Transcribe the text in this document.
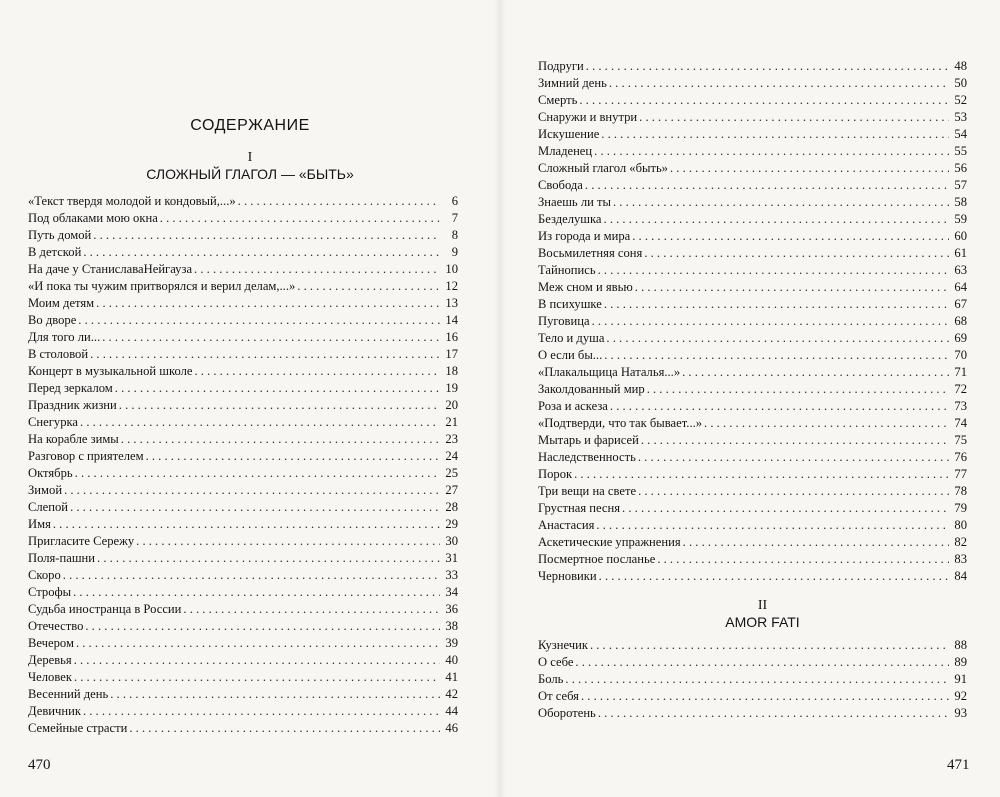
СОДЕРЖАНИЕ
I
СЛОЖНЫЙ ГЛАГОЛ — «БЫТЬ»
«Текст твердя молодой и кондовый,...» . . .	6
Под облаками мою окна . . .	7
Путь домой . . .	8
В детской . . .	9
На даче у СтаниславаНейгауза . . .	10
«И пока ты чужим притворялся и верил делам,...» . . .	12
Моим детям . . .	13
Во дворе . . .	14
Для того ли... . . .	16
В столовой . . .	17
Концерт в музыкальной школе . . .	18
Перед зеркалом . . .	19
Праздник жизни . . .	20
Снегурка . . .	21
На корабле зимы . . .	23
Разговор с приятелем . . .	24
Октябрь . . .	25
Зимой . . .	27
Слепой . . .	28
Имя . . .	29
Пригласите Сережу . . .	30
Поля-пашни . . .	31
Скоро . . .	33
Строфы . . .	34
Судьба иностранца в России . . .	36
Отечество . . .	38
Вечером . . .	39
Деревья . . .	40
Человек . . .	41
Весенний день . . .	42
Девичник . . .	44
Семейные страсти . . .	46
470
Подруги . . .	48
Зимний день . . .	50
Смерть . . .	52
Снаружи и внутри . . .	53
Искушение . . .	54
Младенец . . .	55
Сложный глагол «быть» . . .	56
Свобода . . .	57
Знаешь ли ты . . .	58
Безделушка . . .	59
Из города и мира . . .	60
Восьмилетняя соня . . .	61
Тайнопись . . .	63
Меж сном и явью . . .	64
В психушке . . .	67
Пуговица . . .	68
Тело и душа . . .	69
О если бы... . . .	70
«Плакальщица Наталья...» . . .	71
Заколдованный мир . . .	72
Роза и аскеза . . .	73
«Подтверди, что так бывает...» . . .	74
Мытарь и фарисей . . .	75
Наследственность . . .	76
Порок . . .	77
Три вещи на свете . . .	78
Грустная песня . . .	79
Анастасия . . .	80
Аскетические упражнения . . .	82
Посмертное посланье . . .	83
Черновики . . .	84
II
AMOR FATI
Кузнечик . . .	88
О себе . . .	89
Боль . . .	91
От себя . . .	92
Оборотень . . .	93
471
